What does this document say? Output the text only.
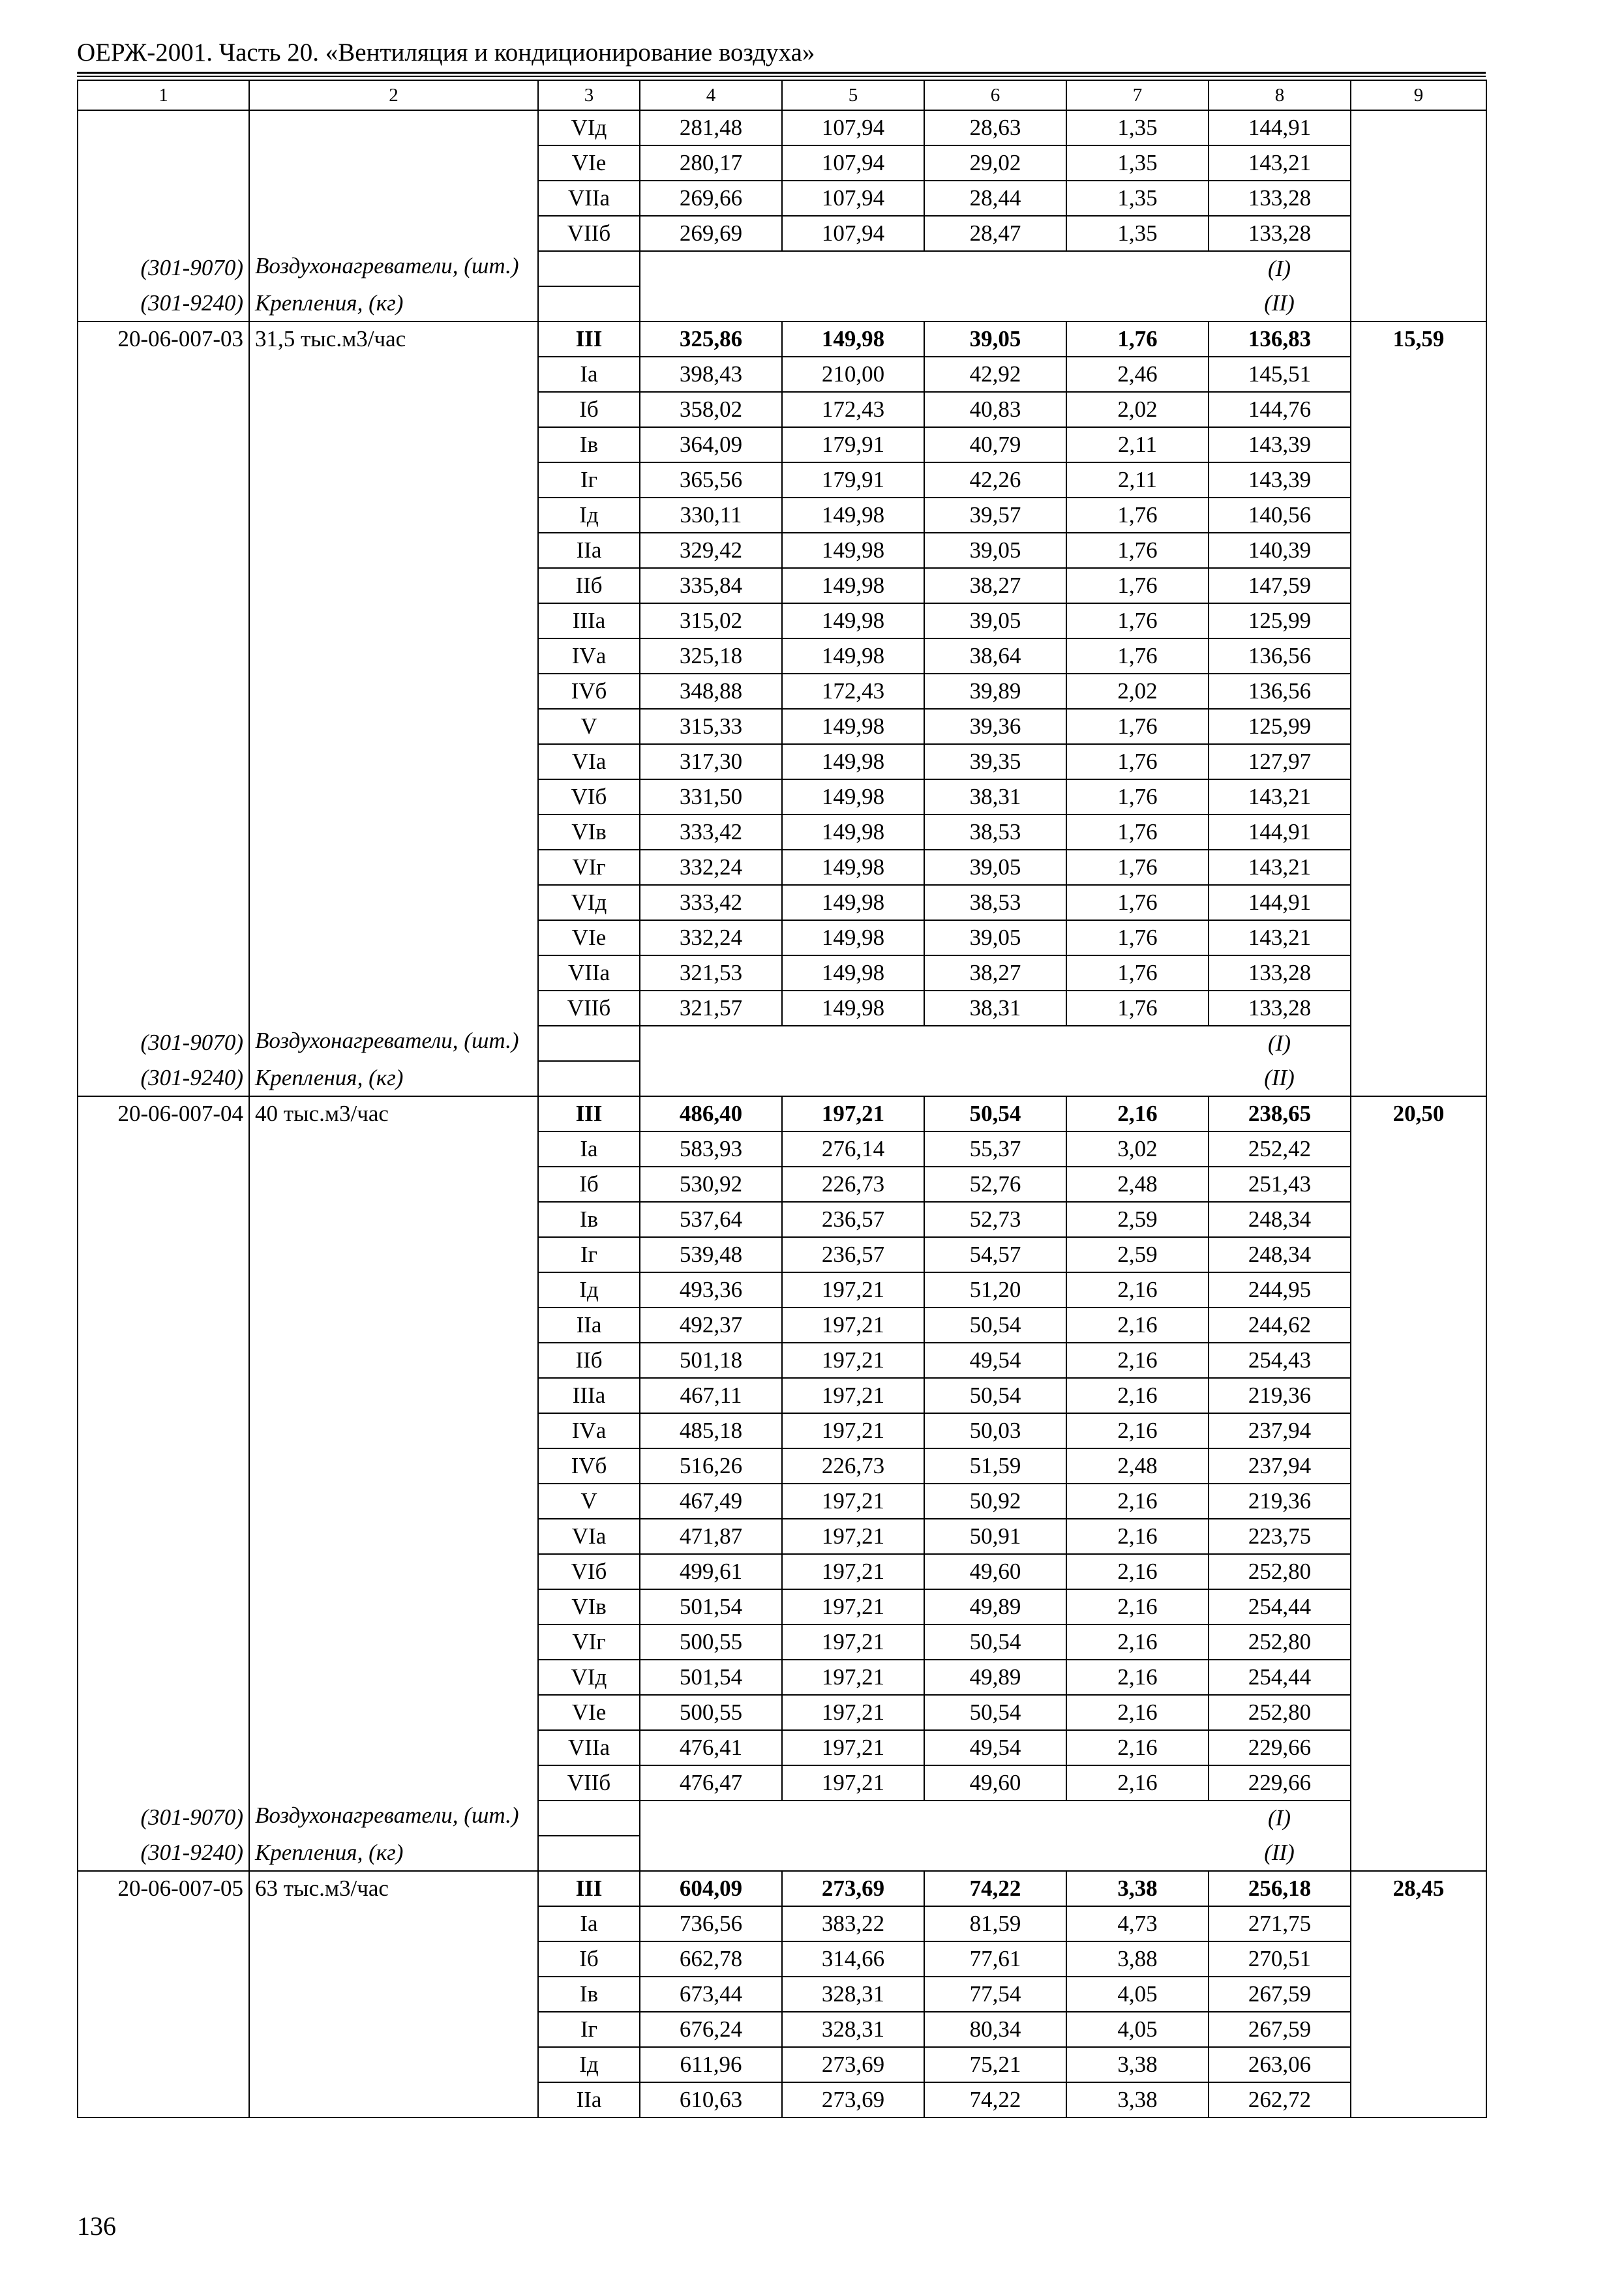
ОЕРЖ-2001. Часть 20. «Вентиляция и кондиционирование воздуха»
1	2	3	4	5	6	7	8	9
		VIд	281,48	107,94	28,63	1,35	144,91	
		VIе	280,17	107,94	29,02	1,35	143,21	
		VIIа	269,66	107,94	28,44	1,35	133,28	
		VIIб	269,69	107,94	28,47	1,35	133,28	
(301-9070)	Воздухонагреватели, (шт.)						(I)	
(301-9240)	Крепления, (кг)						(II)	
20-06-007-03	31,5 тыс.м3/час	III	325,86	149,98	39,05	1,76	136,83	15,59
		Iа	398,43	210,00	42,92	2,46	145,51	
		Iб	358,02	172,43	40,83	2,02	144,76	
		Iв	364,09	179,91	40,79	2,11	143,39	
		Iг	365,56	179,91	42,26	2,11	143,39	
		Iд	330,11	149,98	39,57	1,76	140,56	
		IIа	329,42	149,98	39,05	1,76	140,39	
		IIб	335,84	149,98	38,27	1,76	147,59	
		IIIа	315,02	149,98	39,05	1,76	125,99	
		IVа	325,18	149,98	38,64	1,76	136,56	
		IVб	348,88	172,43	39,89	2,02	136,56	
		V	315,33	149,98	39,36	1,76	125,99	
		VIа	317,30	149,98	39,35	1,76	127,97	
		VIб	331,50	149,98	38,31	1,76	143,21	
		VIв	333,42	149,98	38,53	1,76	144,91	
		VIг	332,24	149,98	39,05	1,76	143,21	
		VIд	333,42	149,98	38,53	1,76	144,91	
		VIе	332,24	149,98	39,05	1,76	143,21	
		VIIа	321,53	149,98	38,27	1,76	133,28	
		VIIб	321,57	149,98	38,31	1,76	133,28	
(301-9070)	Воздухонагреватели, (шт.)						(I)	
(301-9240)	Крепления, (кг)						(II)	
20-06-007-04	40 тыс.м3/час	III	486,40	197,21	50,54	2,16	238,65	20,50
		Iа	583,93	276,14	55,37	3,02	252,42	
		Iб	530,92	226,73	52,76	2,48	251,43	
		Iв	537,64	236,57	52,73	2,59	248,34	
		Iг	539,48	236,57	54,57	2,59	248,34	
		Iд	493,36	197,21	51,20	2,16	244,95	
		IIа	492,37	197,21	50,54	2,16	244,62	
		IIб	501,18	197,21	49,54	2,16	254,43	
		IIIа	467,11	197,21	50,54	2,16	219,36	
		IVа	485,18	197,21	50,03	2,16	237,94	
		IVб	516,26	226,73	51,59	2,48	237,94	
		V	467,49	197,21	50,92	2,16	219,36	
		VIа	471,87	197,21	50,91	2,16	223,75	
		VIб	499,61	197,21	49,60	2,16	252,80	
		VIв	501,54	197,21	49,89	2,16	254,44	
		VIг	500,55	197,21	50,54	2,16	252,80	
		VIд	501,54	197,21	49,89	2,16	254,44	
		VIе	500,55	197,21	50,54	2,16	252,80	
		VIIа	476,41	197,21	49,54	2,16	229,66	
		VIIб	476,47	197,21	49,60	2,16	229,66	
(301-9070)	Воздухонагреватели, (шт.)						(I)	
(301-9240)	Крепления, (кг)						(II)	
20-06-007-05	63 тыс.м3/час	III	604,09	273,69	74,22	3,38	256,18	28,45
		Iа	736,56	383,22	81,59	4,73	271,75	
		Iб	662,78	314,66	77,61	3,88	270,51	
		Iв	673,44	328,31	77,54	4,05	267,59	
		Iг	676,24	328,31	80,34	4,05	267,59	
		Iд	611,96	273,69	75,21	3,38	263,06	
		IIа	610,63	273,69	74,22	3,38	262,72	
136
